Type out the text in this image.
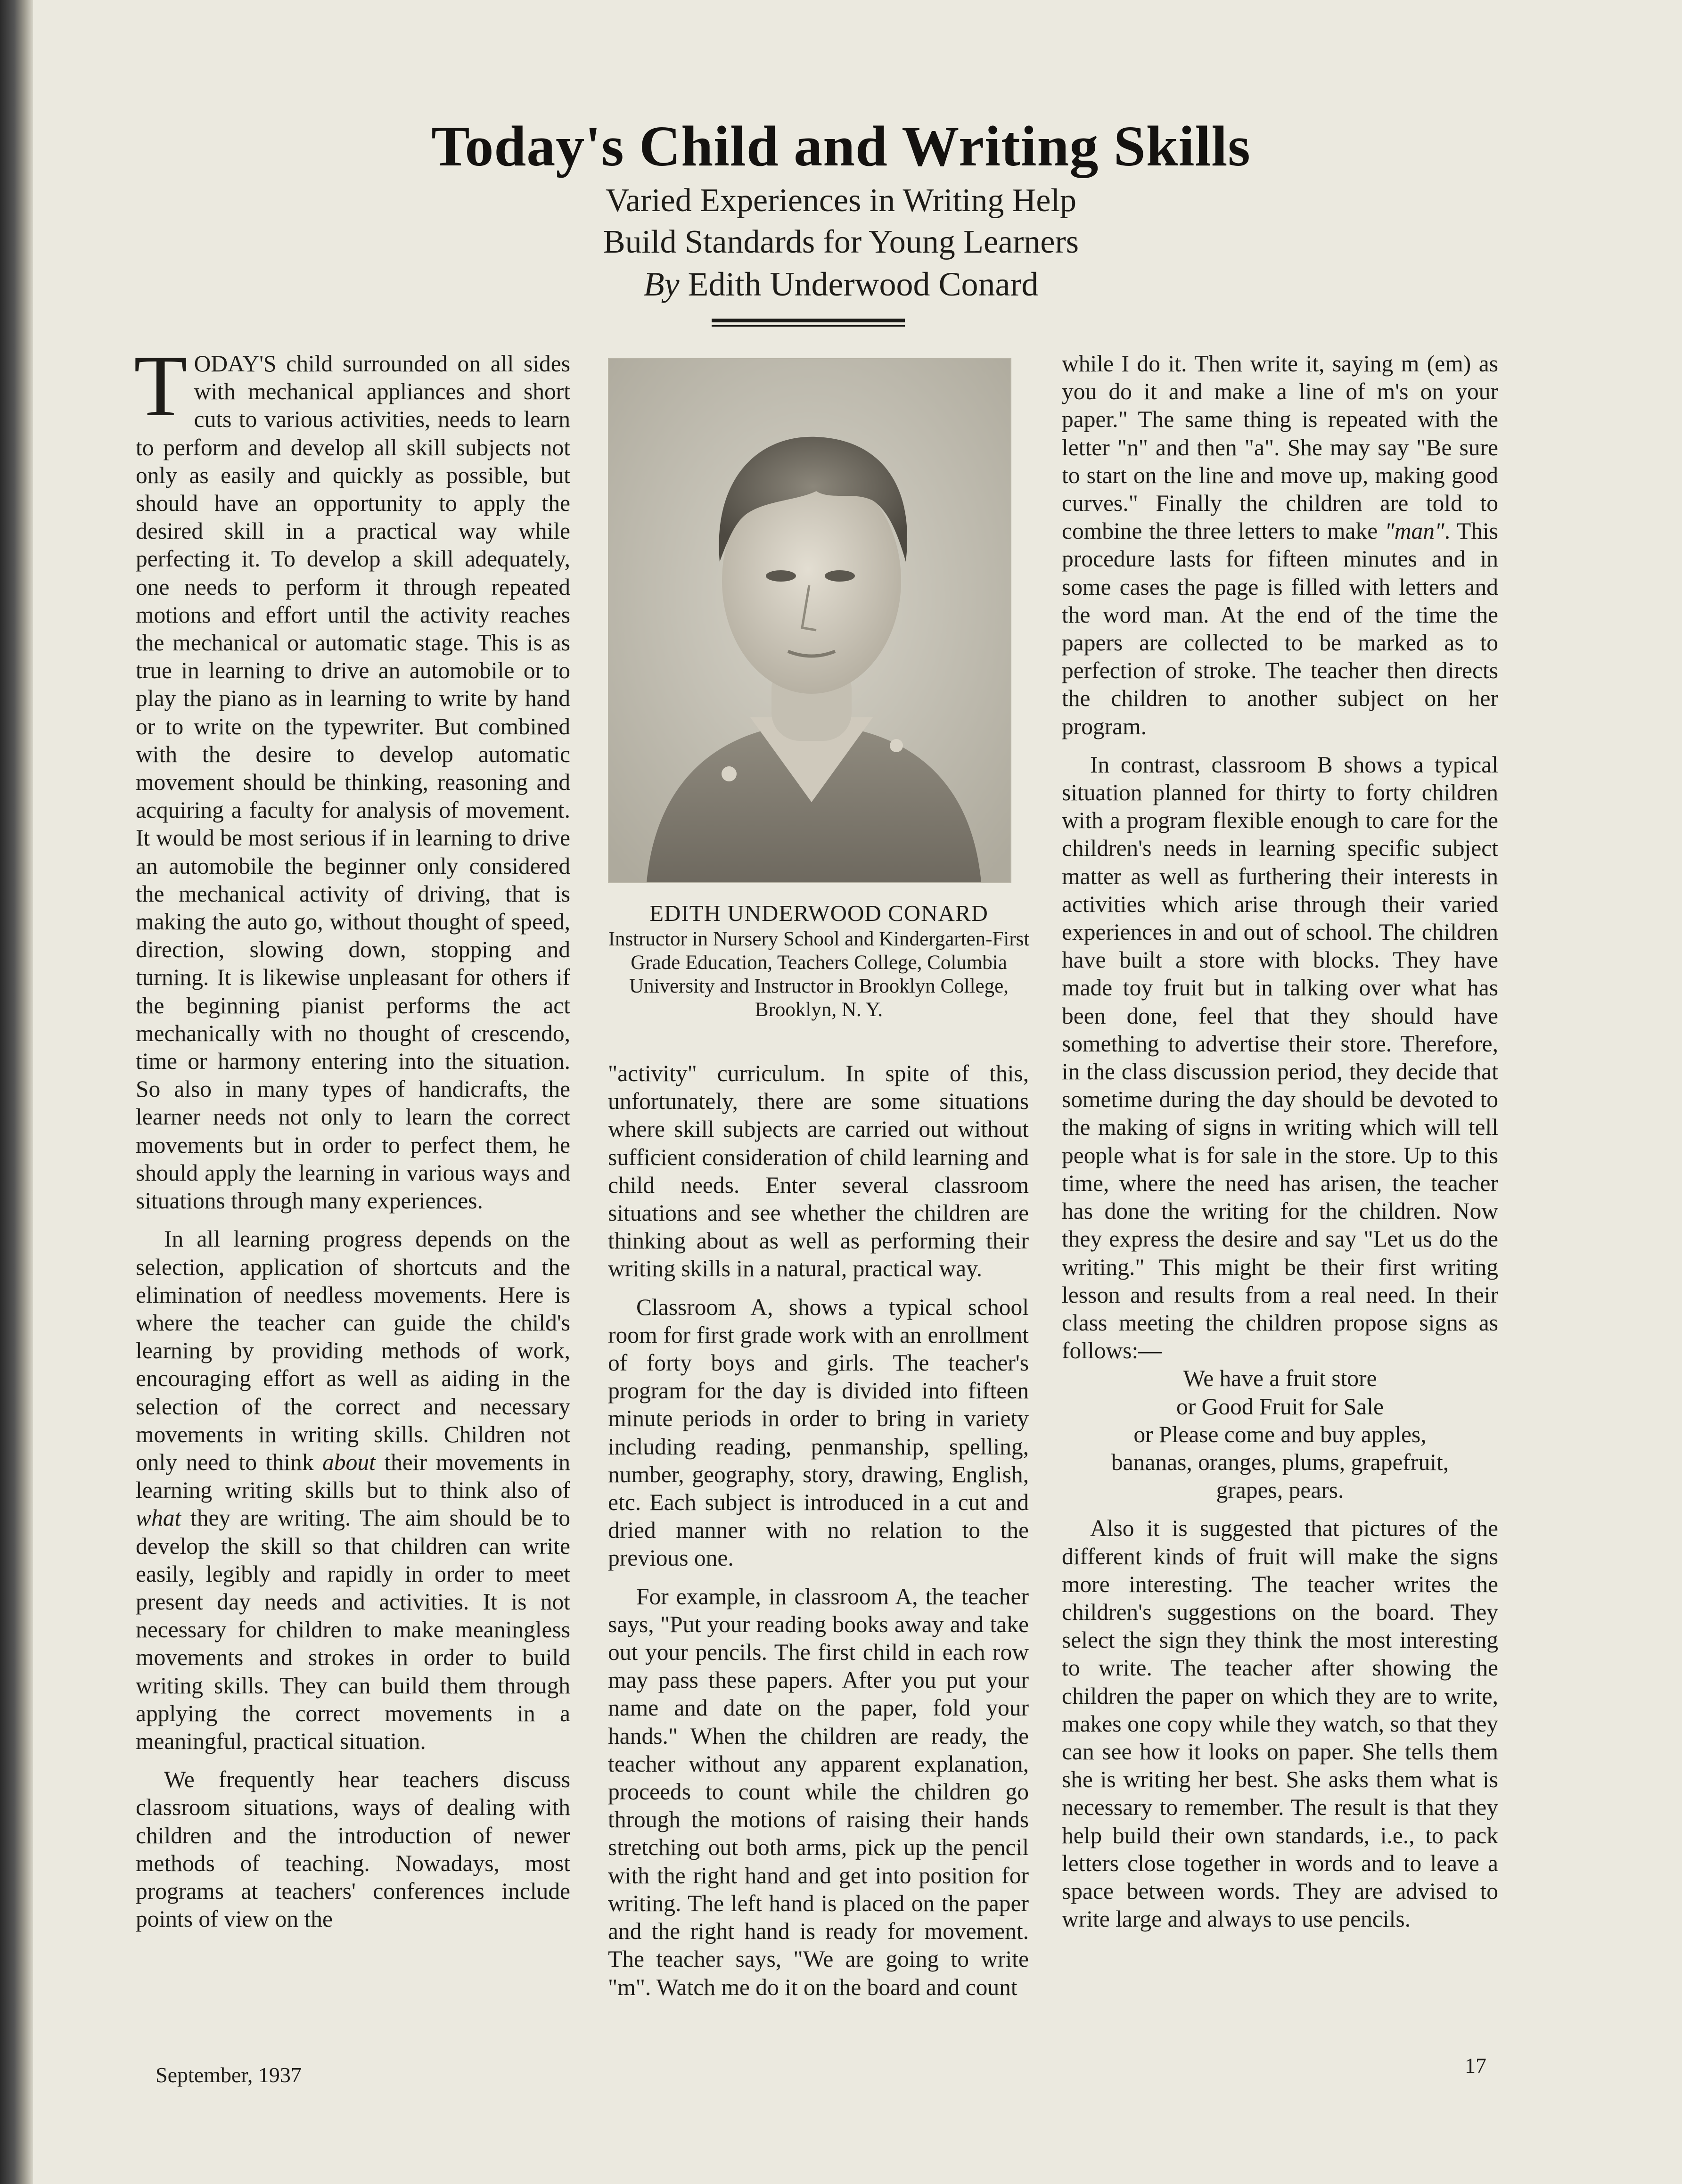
Today's Child and Writing Skills
Varied Experiences in Writing Help
Build Standards for Young Learners
By Edith Underwood Conard

TODAY'S child surrounded on all sides with mechanical appliances and short cuts to various activities, needs to learn to perform and develop all skill subjects not only as easily and quickly as possible, but should have an opportunity to apply the desired skill in a practical way while perfecting it. To develop a skill adequately, one needs to perform it through repeated motions and effort until the activity reaches the mechanical or automatic stage. This is as true in learning to drive an automobile or to play the piano as in learning to write by hand or to write on the typewriter. But combined with the desire to develop automatic movement should be thinking, reasoning and acquiring a faculty for analysis of movement. It would be most serious if in learning to drive an automobile the beginner only considered the mechanical activity of driving, that is making the auto go, without thought of speed, direction, slowing down, stopping and turning. It is likewise unpleasant for others if the beginning pianist performs the act mechanically with no thought of crescendo, time or harmony entering into the situation. So also in many types of handicrafts, the learner needs not only to learn the correct movements but in order to perfect them, he should apply the learning in various ways and situations through many experiences.

In all learning progress depends on the selection, application of shortcuts and the elimination of needless movements. Here is where the teacher can guide the child's learning by providing methods of work, encouraging effort as well as aiding in the selection of the correct and necessary movements in writing skills. Children not only need to think about their movements in learning writing skills but to think also of what they are writing. The aim should be to develop the skill so that children can write easily, legibly and rapidly in order to meet present day needs and activities. It is not necessary for children to make meaningless movements and strokes in order to build writing skills. They can build them through applying the correct movements in a meaningful, practical situation.

We frequently hear teachers discuss classroom situations, ways of dealing with children and the introduction of newer methods of teaching. Nowadays, most programs at teachers' conferences include points of view on the

EDITH UNDERWOOD CONARD
Instructor in Nursery School and Kindergarten-First Grade Education, Teachers College, Columbia University and Instructor in Brooklyn College, Brooklyn, N. Y.

"activity" curriculum. In spite of this, unfortunately, there are some situations where skill subjects are carried out without sufficient consideration of child learning and child needs. Enter several classroom situations and see whether the children are thinking about as well as performing their writing skills in a natural, practical way.

Classroom A, shows a typical school room for first grade work with an enrollment of forty boys and girls. The teacher's program for the day is divided into fifteen minute periods in order to bring in variety including reading, penmanship, spelling, number, geography, story, drawing, English, etc. Each subject is introduced in a cut and dried manner with no relation to the previous one.

For example, in classroom A, the teacher says, "Put your reading books away and take out your pencils. The first child in each row may pass these papers. After you put your name and date on the paper, fold your hands." When the children are ready, the teacher without any apparent explanation, proceeds to count while the children go through the motions of raising their hands stretching out both arms, pick up the pencil with the right hand and get into position for writing. The left hand is placed on the paper and the right hand is ready for movement. The teacher says, "We are going to write "m". Watch me do it on the board and count

while I do it. Then write it, saying m (em) as you do it and make a line of m's on your paper." The same thing is repeated with the letter "n" and then "a". She may say "Be sure to start on the line and move up, making good curves." Finally the children are told to combine the three letters to make "man". This procedure lasts for fifteen minutes and in some cases the page is filled with letters and the word man. At the end of the time the papers are collected to be marked as to perfection of stroke. The teacher then directs the children to another subject on her program.

In contrast, classroom B shows a typical situation planned for thirty to forty children with a program flexible enough to care for the children's needs in learning specific subject matter as well as furthering their interests in activities which arise through their varied experiences in and out of school. The children have built a store with blocks. They have made toy fruit but in talking over what has been done, feel that they should have something to advertise their store. Therefore, in the class discussion period, they decide that sometime during the day should be devoted to the making of signs in writing which will tell people what is for sale in the store. Up to this time, where the need has arisen, the teacher has done the writing for the children. Now they express the desire and say "Let us do the writing." This might be their first writing lesson and results from a real need. In their class meeting the children propose signs as follows:—

We have a fruit store

or Good Fruit for Sale

or Please come and buy apples,

bananas, oranges, plums, grapefruit,

grapes, pears.

Also it is suggested that pictures of the different kinds of fruit will make the signs more interesting. The teacher writes the children's suggestions on the board. They select the sign they think the most interesting to write. The teacher after showing the children the paper on which they are to write, makes one copy while they watch, so that they can see how it looks on paper. She tells them she is writing her best. She asks them what is necessary to remember. The result is that they help build their own standards, i.e., to pack letters close together in words and to leave a space between words. They are advised to write large and always to use pencils.

September, 1937	17
